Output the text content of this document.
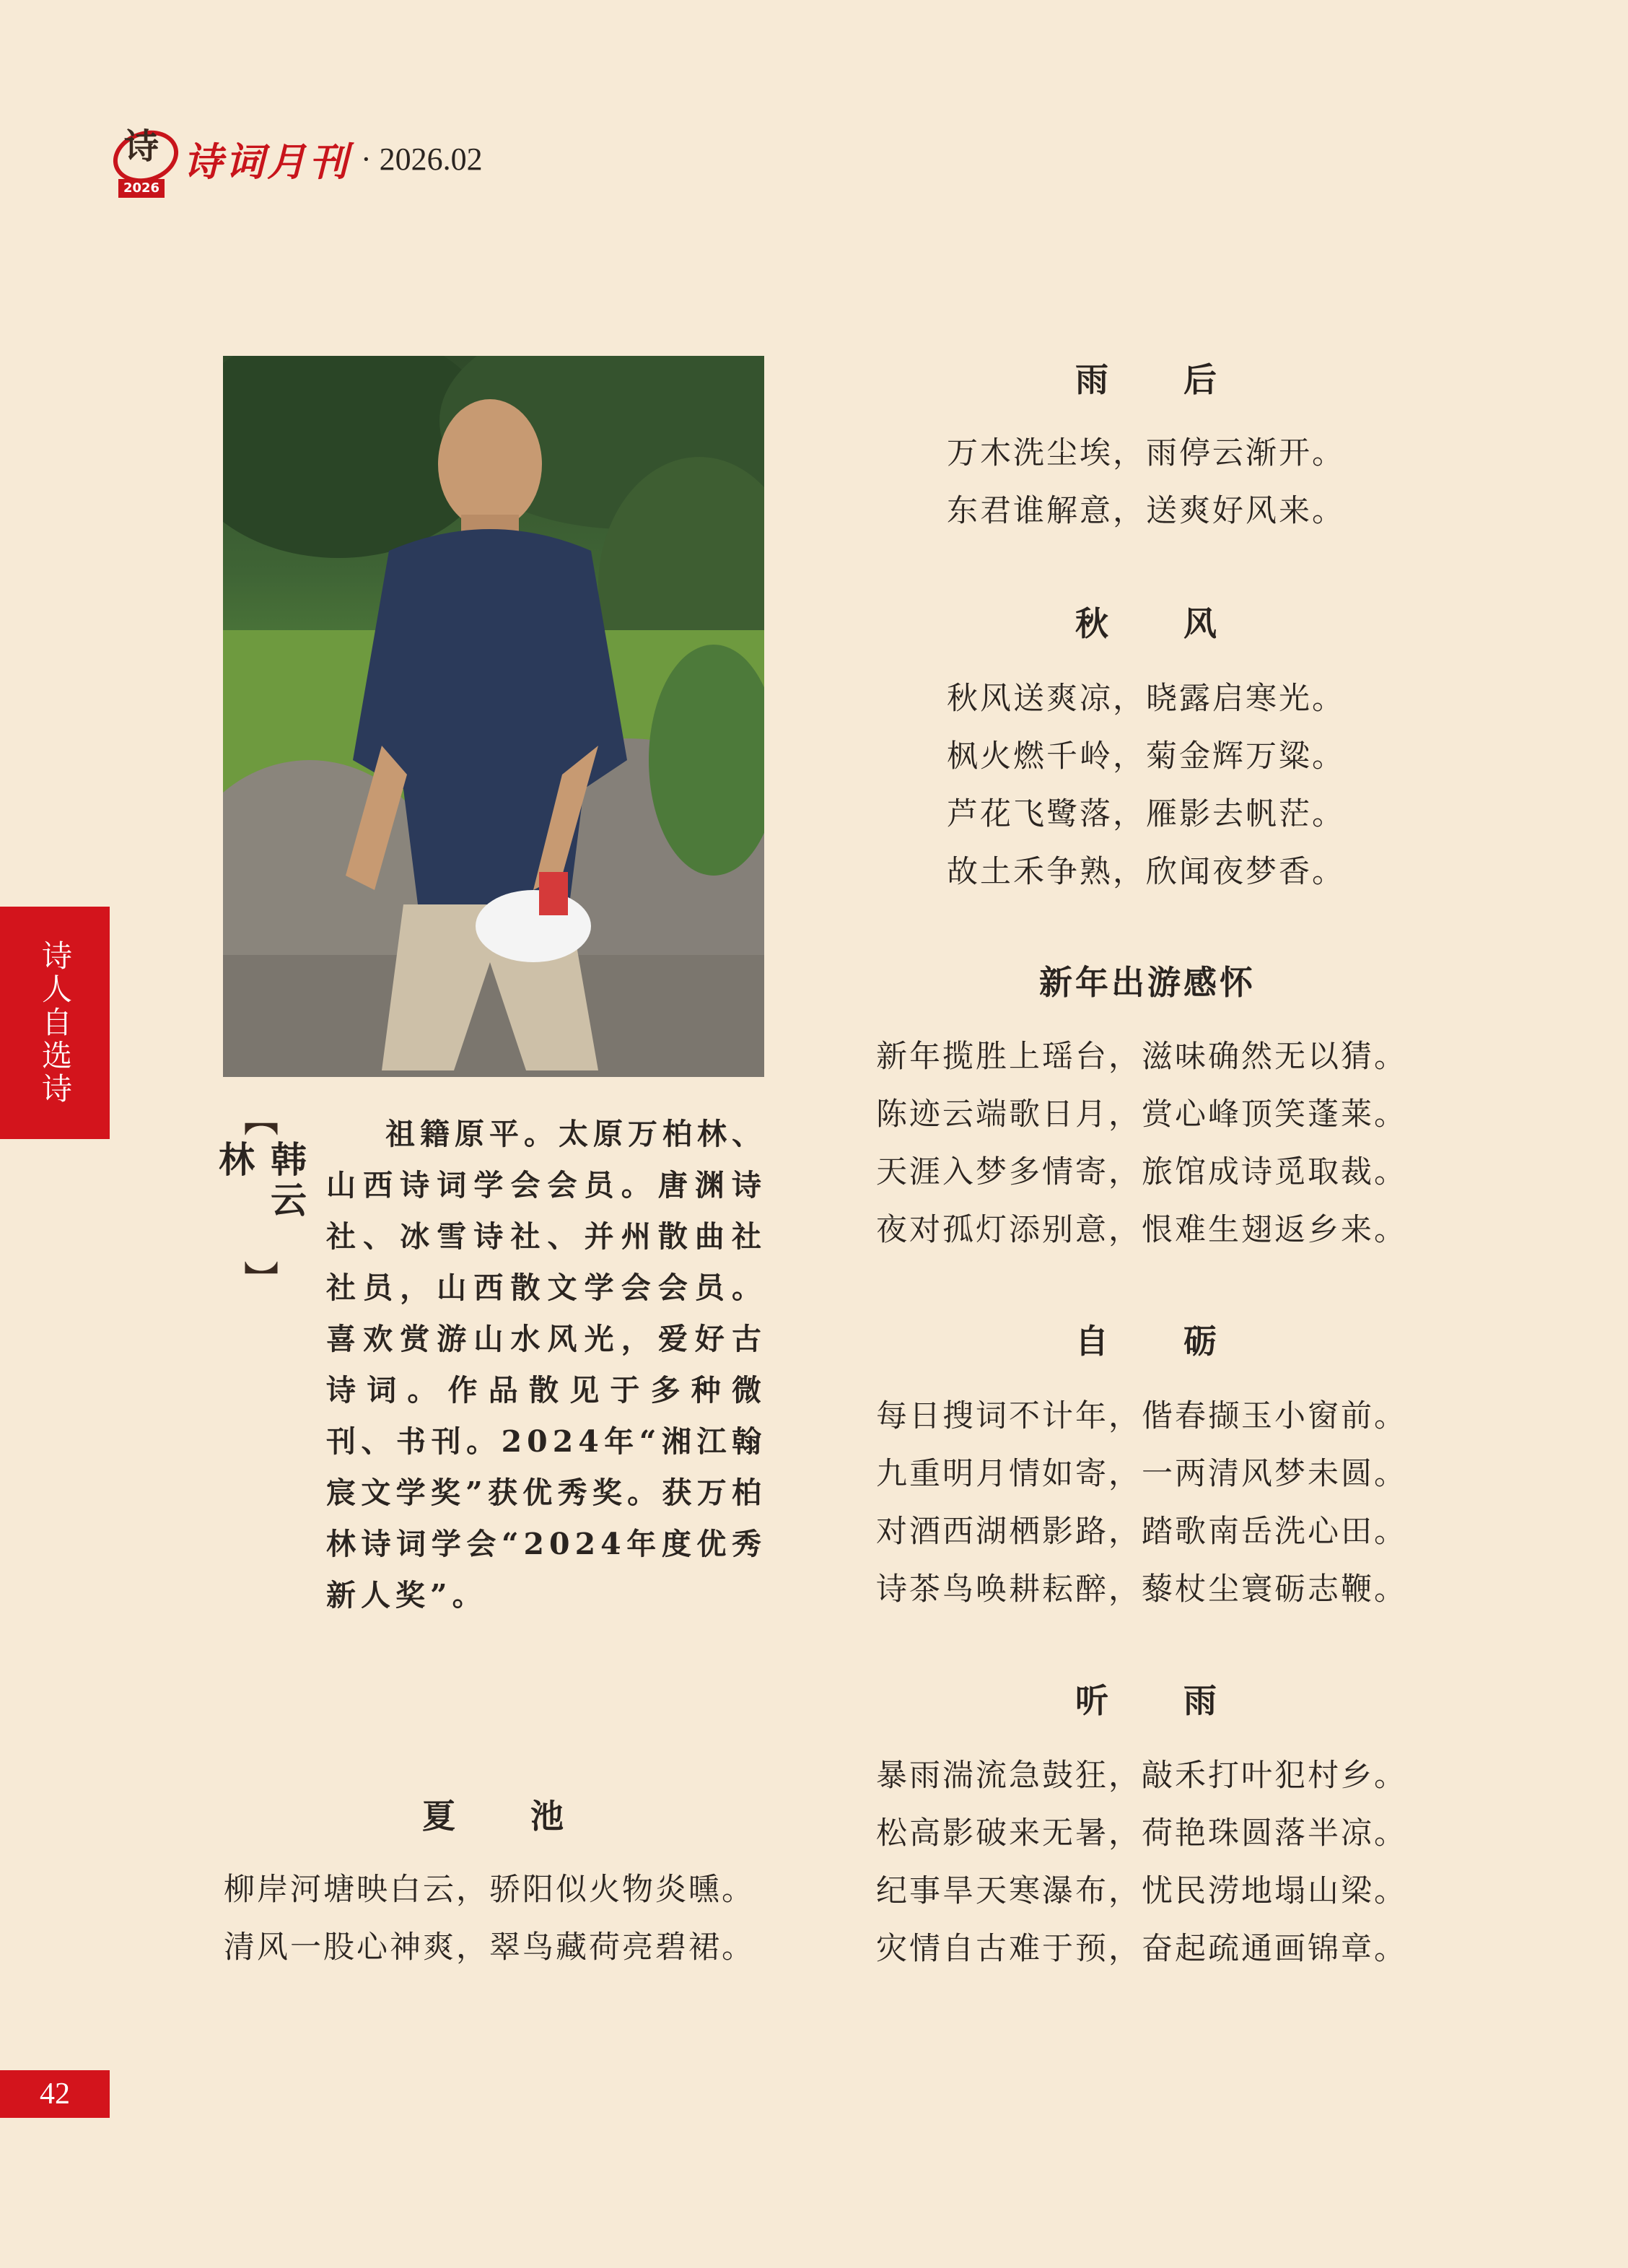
诗
2026
诗词月刊 · 2026.02
诗人自选诗
【
韩云林
】
祖籍原平。太原万柏林、山西诗词学会会员。唐渊诗社、冰雪诗社、并州散曲社社员，山西散文学会会员。喜欢赏游山水风光，爱好古诗词。作品散见于多种微刊、书刊。2024年“湘江翰宸文学奖”获优秀奖。获万柏林诗词学会“2024年度优秀新人奖”。
雨　　后
万木洗尘埃，雨停云渐开。
东君谁解意，送爽好风来。
秋　　风
秋风送爽凉，晓露启寒光。
枫火燃千岭，菊金辉万粱。
芦花飞鹭落，雁影去帆茫。
故土禾争熟，欣闻夜梦香。
新年出游感怀
新年揽胜上瑶台，滋味确然无以猜。
陈迹云端歌日月，赏心峰顶笑蓬莱。
天涯入梦多情寄，旅馆成诗觅取裁。
夜对孤灯添别意，恨难生翅返乡来。
自　　砺
每日搜词不计年，偕春撷玉小窗前。
九重明月情如寄，一两清风梦未圆。
对酒西湖栖影路，踏歌南岳洗心田。
诗茶鸟唤耕耘醉，藜杖尘寰砺志鞭。
听　　雨
暴雨湍流急鼓狂，敲禾打叶犯村乡。
松高影破来无暑，荷艳珠圆落半凉。
纪事旱天寒瀑布，忧民涝地塌山梁。
灾情自古难于预，奋起疏通画锦章。
夏　　池
柳岸河塘映白云，骄阳似火物炎曛。
清风一股心神爽，翠鸟藏荷亮碧裙。
42
